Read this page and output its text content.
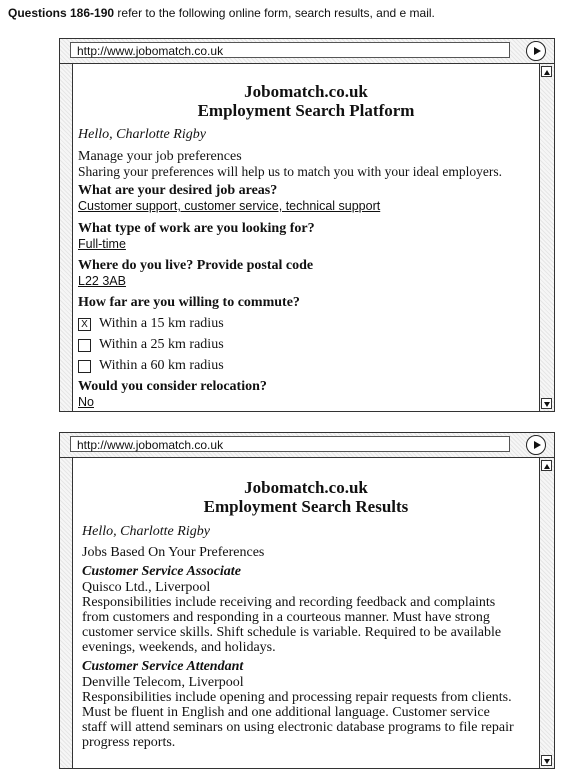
Questions 186-190 refer to the following online form, search results, and e mail.
http://www.jobomatch.co.uk
Jobomatch.co.uk
Employment Search Platform
Hello, Charlotte Rigby
Manage your job preferences
Sharing your preferences will help us to match you with your ideal employers.
What are your desired job areas?
Customer support, customer service, technical support
What type of work are you looking for?
Full-time
Where do you live? Provide postal code
L22 3AB
How far are you willing to commute?
X Within a 15 km radius
Within a 25 km radius
Within a 60 km radius
Would you consider relocation?
No
http://www.jobomatch.co.uk
Jobomatch.co.uk
Employment Search Results
Hello, Charlotte Rigby
Jobs Based On Your Preferences
Customer Service Associate
Quisco Ltd., Liverpool
Responsibilities include receiving and recording feedback and complaints
from customers and responding in a courteous manner. Must have strong
customer service skills. Shift schedule is variable. Required to be available
evenings, weekends, and holidays.
Customer Service Attendant
Denville Telecom, Liverpool
Responsibilities include opening and processing repair requests from clients.
Must be fluent in English and one additional language. Customer service
staff will attend seminars on using electronic database programs to file repair
progress reports.
